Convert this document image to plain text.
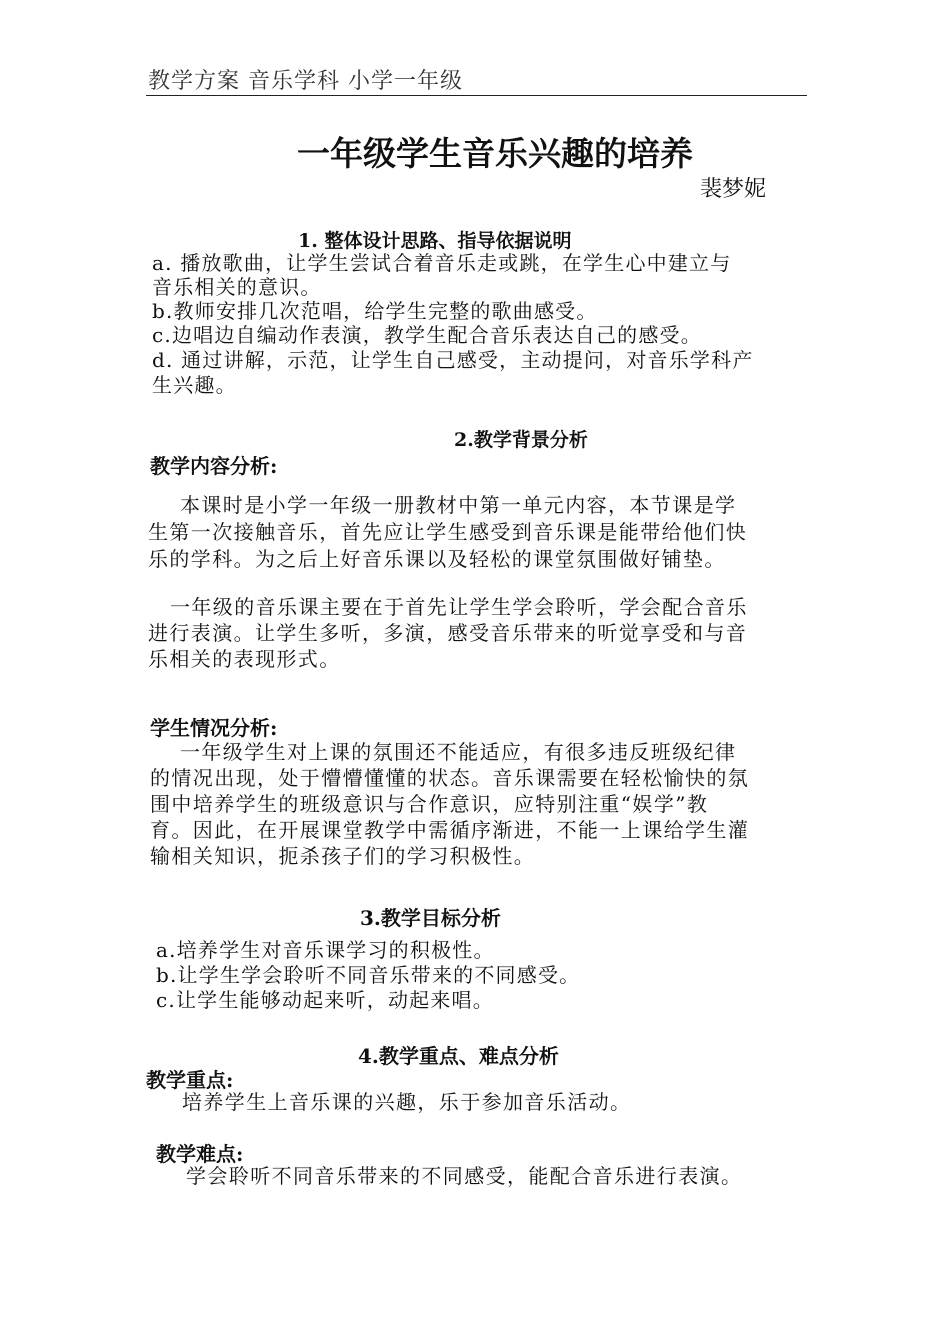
教学方案 音乐学科 小学一年级
一年级学生音乐兴趣的培养
裴梦妮
1. 整体设计思路、指导依据说明
a. 播放歌曲，让学生尝试合着音乐走或跳，在学生心中建立与
音乐相关的意识。
b.教师安排几次范唱，给学生完整的歌曲感受。
c.边唱边自编动作表演，教学生配合音乐表达自己的感受。
d. 通过讲解，示范，让学生自己感受，主动提问，对音乐学科产
生兴趣。
2.教学背景分析
教学内容分析:
本课时是小学一年级一册教材中第一单元内容，本节课是学
生第一次接触音乐，首先应让学生感受到音乐课是能带给他们快
乐的学科。为之后上好音乐课以及轻松的课堂氛围做好铺垫。
一年级的音乐课主要在于首先让学生学会聆听，学会配合音乐
进行表演。让学生多听，多演，感受音乐带来的听觉享受和与音
乐相关的表现形式。
学生情况分析:
一年级学生对上课的氛围还不能适应，有很多违反班级纪律
的情况出现，处于懵懵懂懂的状态。音乐课需要在轻松愉快的氛
围中培养学生的班级意识与合作意识，应特别注重“娱学”教
育。因此，在开展课堂教学中需循序渐进，不能一上课给学生灌
输相关知识，扼杀孩子们的学习积极性。
3.教学目标分析
a.培养学生对音乐课学习的积极性。
b.让学生学会聆听不同音乐带来的不同感受。
c.让学生能够动起来听，动起来唱。
4.教学重点、难点分析
教学重点:
培养学生上音乐课的兴趣，乐于参加音乐活动。
教学难点:
学会聆听不同音乐带来的不同感受，能配合音乐进行表演。
